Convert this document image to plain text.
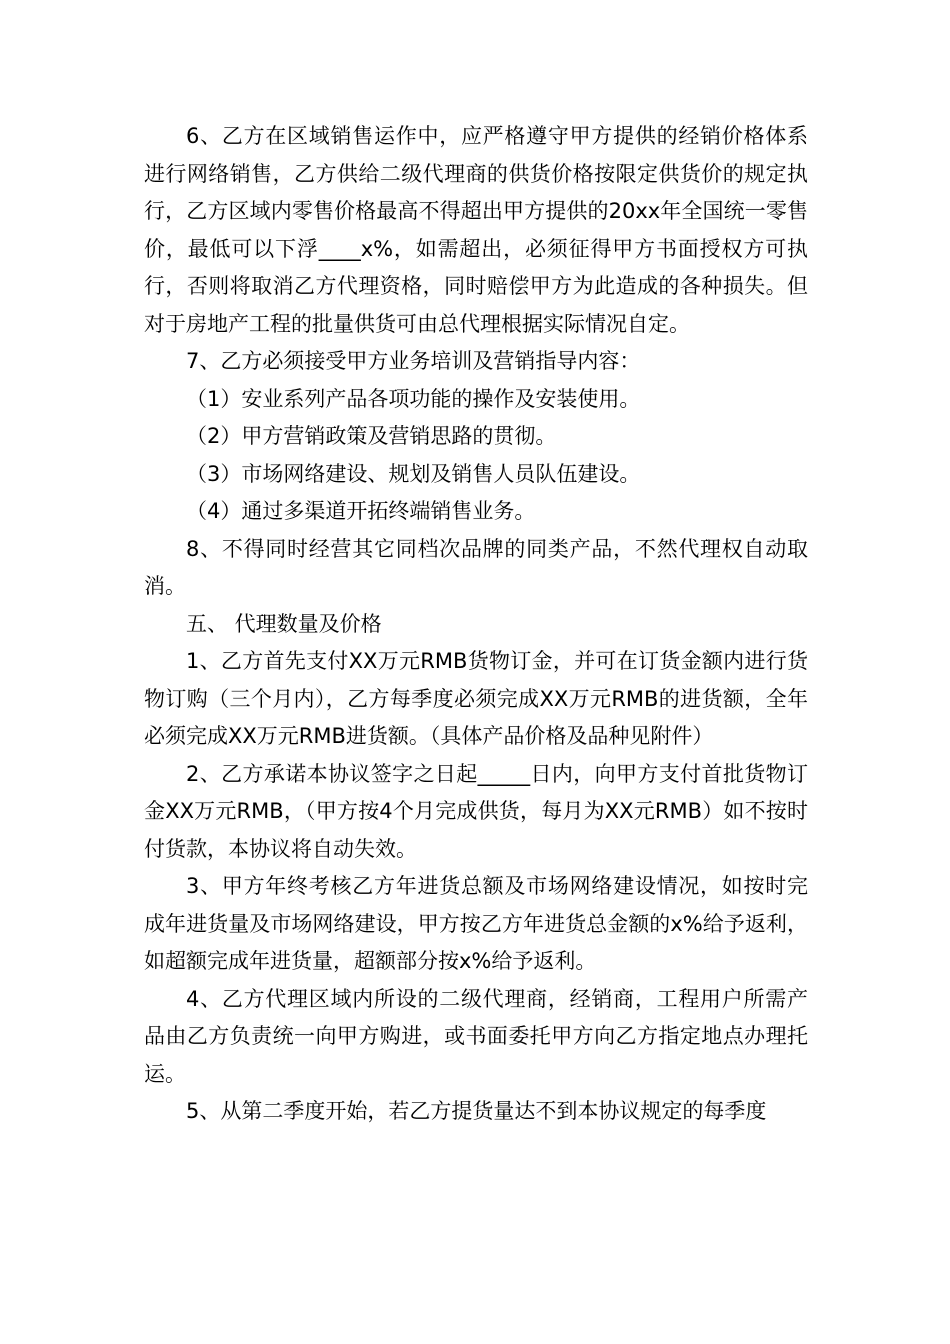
6、乙方在区域销售运作中，应严格遵守甲方提供的经销价格体系进行网络销售，乙方供给二级代理商的供货价格按限定供货价的规定执行，乙方区域内零售价格最高不得超出甲方提供的20xx年全国统一零售价，最低可以下浮____x%，如需超出，必须征得甲方书面授权方可执行，否则将取消乙方代理资格，同时赔偿甲方为此造成的各种损失。但对于房地产工程的批量供货可由总代理根据实际情况自定。

7、乙方必须接受甲方业务培训及营销指导内容：

（1）安业系列产品各项功能的操作及安装使用。

（2）甲方营销政策及营销思路的贯彻。

（3）市场网络建设、规划及销售人员队伍建设。

（4）通过多渠道开拓终端销售业务。

8、不得同时经营其它同档次品牌的同类产品，不然代理权自动取消。

五、 代理数量及价格

1、乙方首先支付XX万元RMB货物订金，并可在订货金额内进行货物订购（三个月内），乙方每季度必须完成XX万元RMB的进货额，全年必须完成XX万元RMB进货额。（具体产品价格及品种见附件）

2、乙方承诺本协议签字之日起_____日内，向甲方支付首批货物订金XX万元RMB，（甲方按4个月完成供货，每月为XX元RMB）如不按时付货款，本协议将自动失效。

3、甲方年终考核乙方年进货总额及市场网络建设情况，如按时完成年进货量及市场网络建设，甲方按乙方年进货总金额的x%给予返利，如超额完成年进货量，超额部分按x%给予返利。

4、乙方代理区域内所设的二级代理商，经销商，工程用户所需产品由乙方负责统一向甲方购进，或书面委托甲方向乙方指定地点办理托运。

5、从第二季度开始，若乙方提货量达不到本协议规定的每季度
